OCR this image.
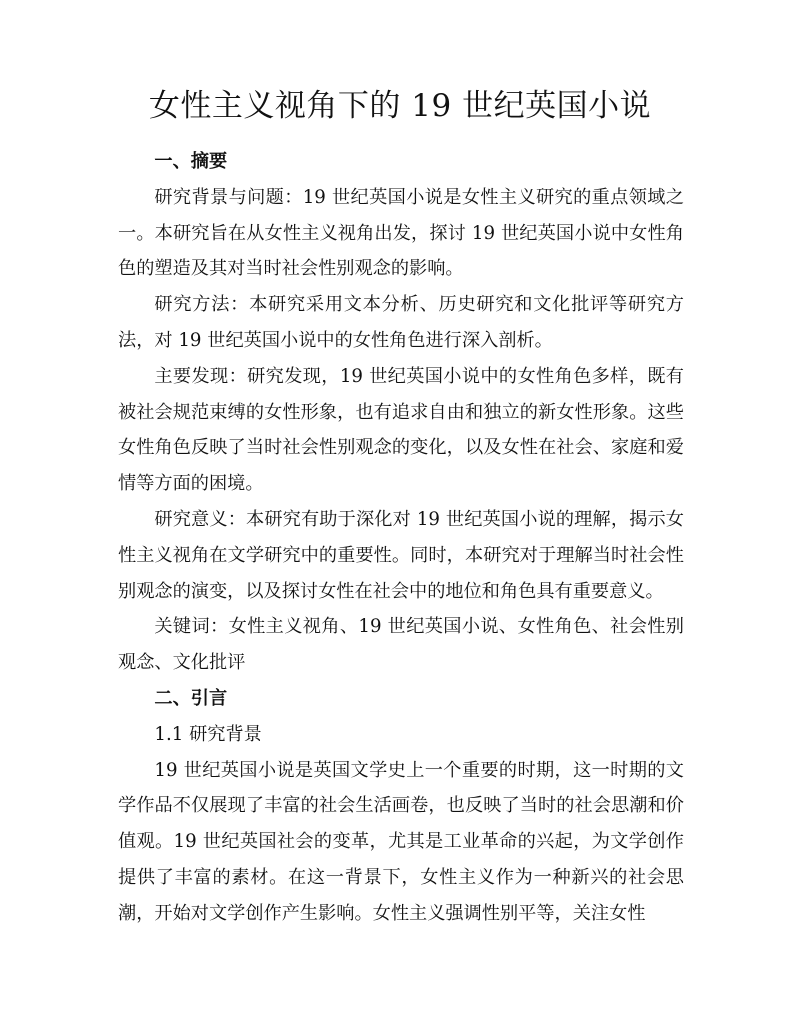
女性主义视角下的 19 世纪英国小说

一、摘要

研究背景与问题：19 世纪英国小说是女性主义研究的重点领域之一。本研究旨在从女性主义视角出发，探讨 19 世纪英国小说中女性角色的塑造及其对当时社会性别观念的影响。

研究方法：本研究采用文本分析、历史研究和文化批评等研究方法，对 19 世纪英国小说中的女性角色进行深入剖析。

主要发现：研究发现，19 世纪英国小说中的女性角色多样，既有被社会规范束缚的女性形象，也有追求自由和独立的新女性形象。这些女性角色反映了当时社会性别观念的变化，以及女性在社会、家庭和爱情等方面的困境。

研究意义：本研究有助于深化对 19 世纪英国小说的理解，揭示女性主义视角在文学研究中的重要性。同时，本研究对于理解当时社会性别观念的演变，以及探讨女性在社会中的地位和角色具有重要意义。

关键词：女性主义视角、19 世纪英国小说、女性角色、社会性别观念、文化批评

二、引言

1.1 研究背景

19 世纪英国小说是英国文学史上一个重要的时期，这一时期的文学作品不仅展现了丰富的社会生活画卷，也反映了当时的社会思潮和价值观。19 世纪英国社会的变革，尤其是工业革命的兴起，为文学创作提供了丰富的素材。在这一背景下，女性主义作为一种新兴的社会思潮，开始对文学创作产生影响。女性主义强调性别平等，关注女性
